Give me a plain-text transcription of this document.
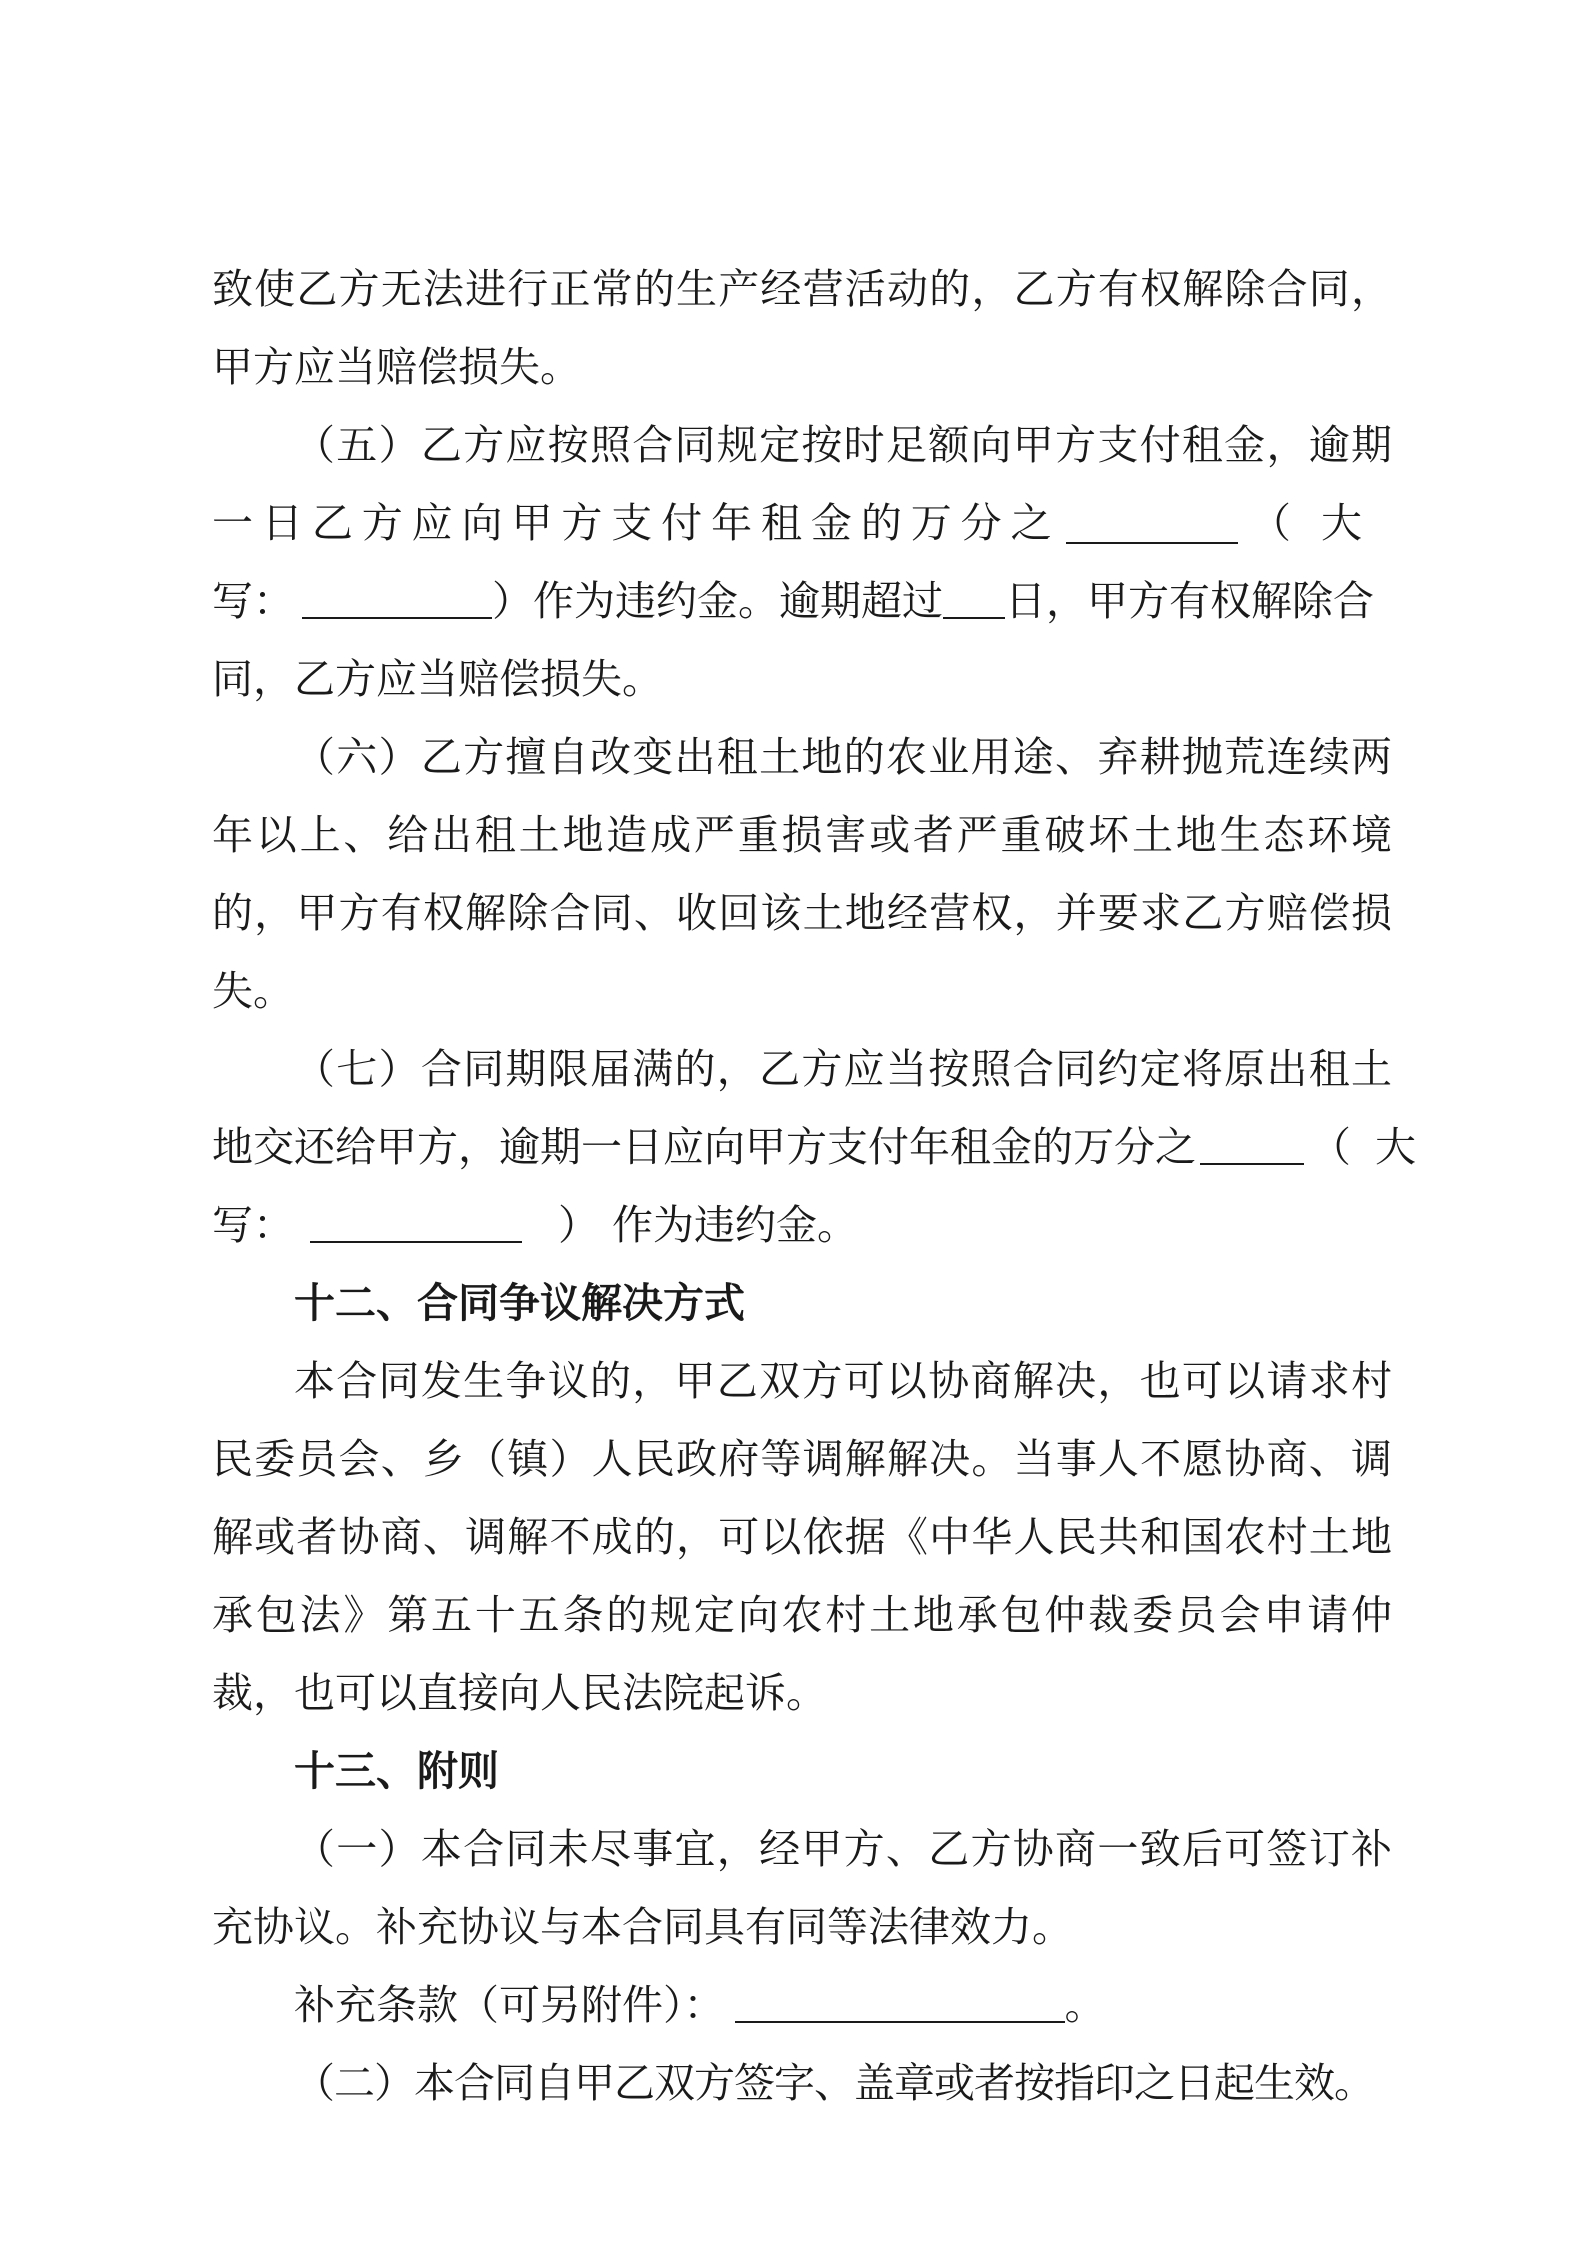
致使乙方无法进行正常的生产经营活动的，乙方有权解除合同，
甲方应当赔偿损失。
（五）乙方应按照合同规定按时足额向甲方支付租金，逾期
一日乙方应向甲方支付年租金的万分之	（大
写：	）作为违约金。逾期超过 日，甲方有权解除合
同，乙方应当赔偿损失。
（六）乙方擅自改变出租土地的农业用途、弃耕抛荒连续两
年以上、给出租土地造成严重损害或者严重破坏土地生态环境
的，甲方有权解除合同、收回该土地经营权，并要求乙方赔偿损
失。
（七）合同期限届满的，乙方应当按照合同约定将原出租土
地交还给甲方，逾期一日应向甲方支付年租金的万分之	（大
写：	） 作为违约金。
十二、合同争议解决方式
本合同发生争议的，甲乙双方可以协商解决，也可以请求村
民委员会、乡（镇）人民政府等调解解决。当事人不愿协商、调
解或者协商、调解不成的，可以依据《中华人民共和国农村土地
承包法》第五十五条的规定向农村土地承包仲裁委员会申请仲
裁，也可以直接向人民法院起诉。
十三、附则
（一）本合同未尽事宜，经甲方、乙方协商一致后可签订补
充协议。补充协议与本合同具有同等法律效力。
补充条款（可另附件）：	。
（二）本合同自甲乙双方签字、盖章或者按指印之日起生效。
